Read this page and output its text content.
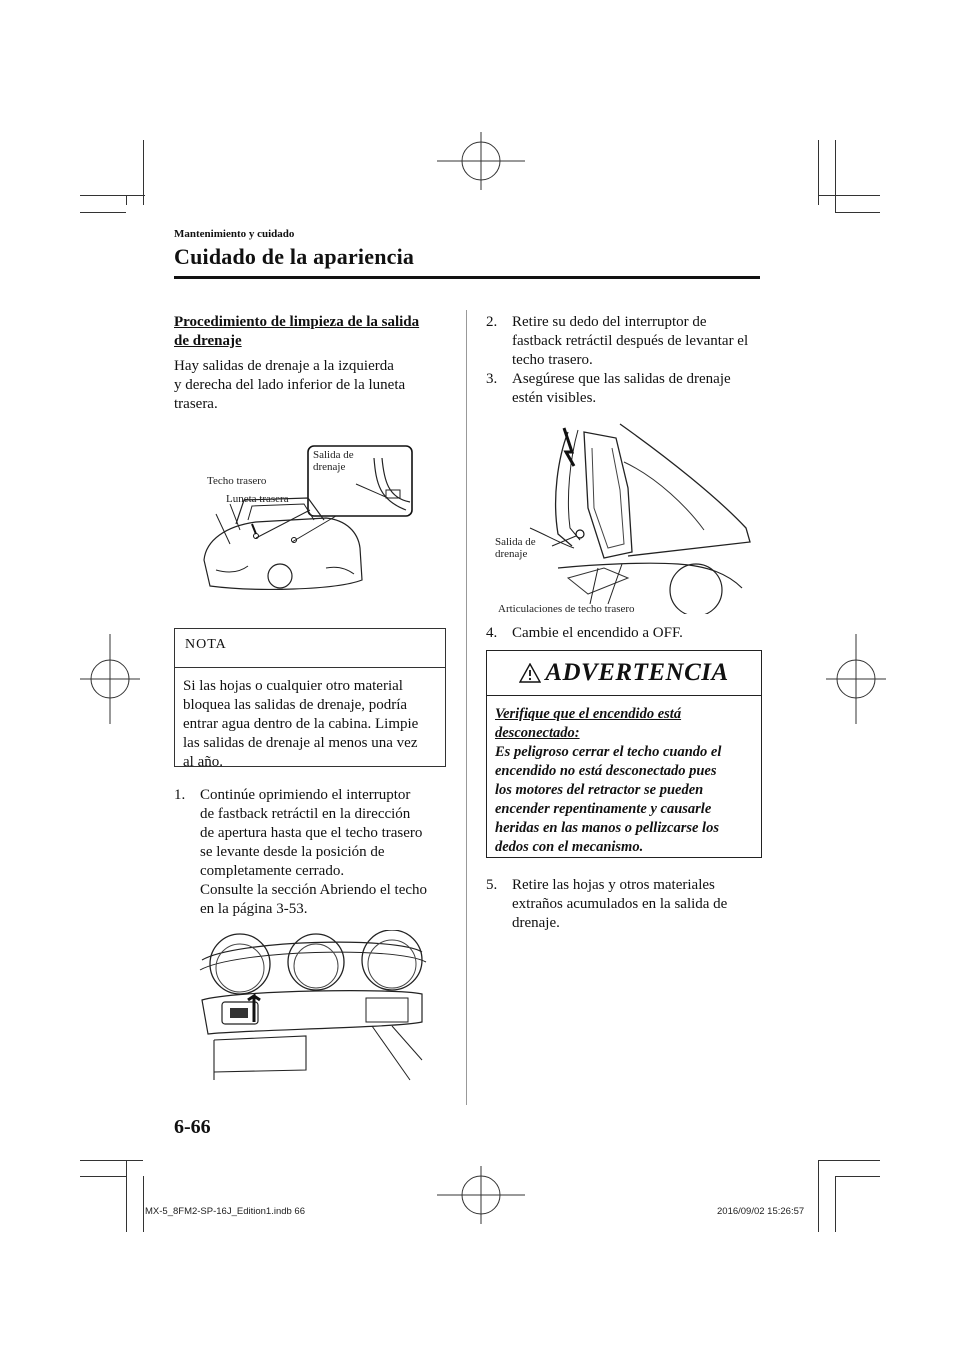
Mantenimiento y cuidado
Cuidado de la apariencia
Procedimiento de limpieza de la salida
de drenaje
Hay salidas de drenaje a la izquierda
y derecha del lado inferior de la luneta
trasera.
Techo trasero
Luneta trasera
Salida de
drenaje
NOTA
Si las hojas o cualquier otro material
bloquea las salidas de drenaje, podría
entrar agua dentro de la cabina. Limpie
las salidas de drenaje al menos una vez
al año.
1. Continúe oprimiendo el interruptor
de fastback retráctil en la dirección
de apertura hasta que el techo trasero
se levante desde la posición de
completamente cerrado.
Consulte la sección Abriendo el techo
en la página 3-53.
2. Retire su dedo del interruptor de
fastback retráctil después de levantar el
techo trasero.
3. Asegúrese que las salidas de drenaje
estén visibles.
Salida de
drenaje
Articulaciones de techo trasero
4. Cambie el encendido a OFF.
ADVERTENCIA
Verifique que el encendido está
desconectado:
Es peligroso cerrar el techo cuando el
encendido no está desconectado pues
los motores del retractor se pueden
encender repentinamente y causarle
heridas en las manos o pellizcarse los
dedos con el mecanismo.
5. Retire las hojas y otros materiales
extraños acumulados en la salida de
drenaje.
6-66
MX-5_8FM2-SP-16J_Edition1.indb 66	2016/09/02 15:26:57
